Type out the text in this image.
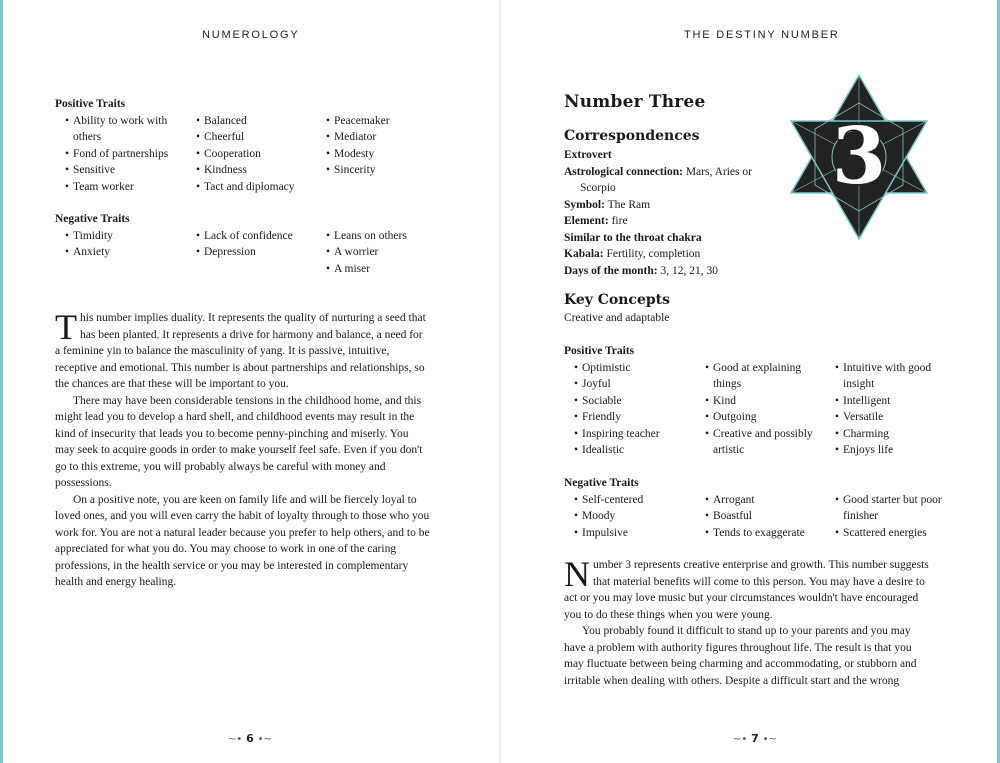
NUMEROLOGY
Positive Traits
• Ability to work with
others
• Fond of partnerships
• Sensitive
• Team worker
• Balanced
• Cheerful
• Cooperation
• Kindness
• Tact and diplomacy
• Peacemaker
• Mediator
• Modesty
• Sincerity
Negative Traits
• Timidity
• Anxiety
• Lack of confidence
• Depression
• Leans on others
• A worrier
• A miser

This number implies duality. It represents the quality of nurturing a seed that has been planted. It represents a drive for harmony and balance, a need for a feminine yin to balance the masculinity of yang. It is passive, intuitive, receptive and emotional. This number is about partnerships and relationships, so the chances are that these will be important to you.

There may have been considerable tensions in the childhood home, and this might lead you to develop a hard shell, and childhood events may result in the kind of insecurity that leads you to become penny-pinching and miserly. You may seek to acquire goods in order to make yourself feel safe. Even if you don't go to this extreme, you will probably always be careful with money and possessions.

On a positive note, you are keen on family life and will be fiercely loyal to loved ones, and you will even carry the habit of loyalty through to those who you work for. You are not a natural leader because you prefer to help others, and to be appreciated for what you do. You may choose to work in one of the caring professions, in the health service or you may be interested in complementary health and energy healing.

~• 6 •~
THE DESTINY NUMBER
Number Three
Correspondences
Extrovert
Astrological connection: Mars, Aries or Scorpio
Symbol: The Ram
Element: fire
Similar to the throat chakra
Kabala: Fertility, completion
Days of the month: 3, 12, 21, 30
3
Key Concepts
Creative and adaptable
Positive Traits
• Optimistic
• Joyful
• Sociable
• Friendly
• Inspiring teacher
• Idealistic
• Good at explaining
things
• Kind
• Outgoing
• Creative and possibly
artistic
• Intuitive with good
insight
• Intelligent
• Versatile
• Charming
• Enjoys life
Negative Traits
• Self-centered
• Moody
• Impulsive
• Arrogant
• Boastful
• Tends to exaggerate
• Good starter but poor
finisher
• Scattered energies

Number 3 represents creative enterprise and growth. This number suggests that material benefits will come to this person. You may have a desire to act or you may love music but your circumstances wouldn't have encouraged you to do these things when you were young.

You probably found it difficult to stand up to your parents and you may have a problem with authority figures throughout life. The result is that you may fluctuate between being charming and accommodating, or stubborn and irritable when dealing with others. Despite a difficult start and the wrong

~• 7 •~
